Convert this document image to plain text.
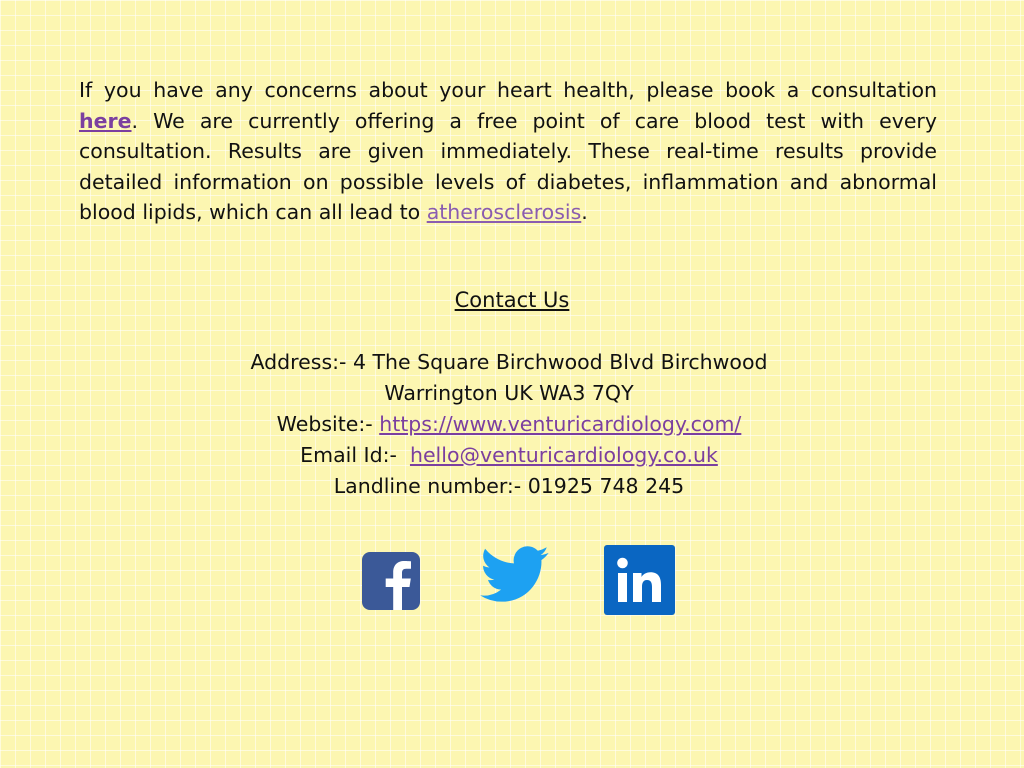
If you have any concerns about your heart health, please book a consultation here. We are currently offering a free point of care blood test with every consultation. Results are given immediately. These real-time results provide detailed information on possible levels of diabetes, inflammation and abnormal blood lipids, which can all lead to atherosclerosis.

Contact Us
Address:- 4 The Square Birchwood Blvd Birchwood
Warrington UK WA3 7QY
Website:- https://www.venturicardiology.com/
Email Id:-  hello@venturicardiology.co.uk
Landline number:- 01925 748 245
